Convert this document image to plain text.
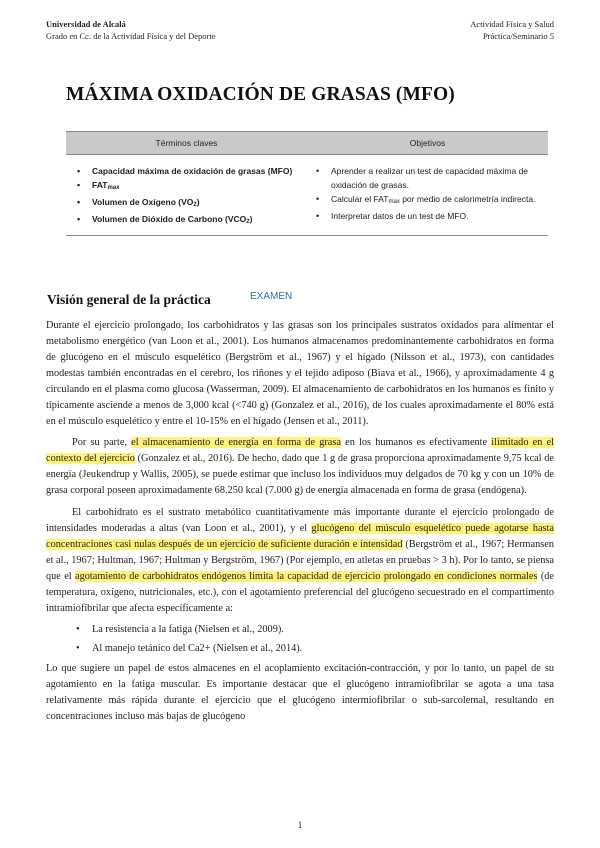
Universidad de Alcalá
Grado en Cc. de la Actividad Física y del Deporte
Actividad Física y Salud
Práctica/Seminario 5
MÁXIMA OXIDACIÓN DE GRASAS (MFO)
Términos claves	Objetivos
• Capacidad máxima de oxidación de grasas (MFO)
• $FAT_{max}$
• Volumen de Oxígeno $(VO_2)$
• Volumen de Dióxido de Carbono $(VCO_2)$
• Aprender a realizar un test de capacidad máxima de oxidación de grasas.
• Calcular el $FAT_{max}$ por medio de calorimetría indirecta.
• Interpretar datos de un test de MFO.
Visión general de la práctica	EXAMEN

Durante el ejercicio prolongado, los carbohidratos y las grasas son los principales sustratos oxidados para alimentar el metabolismo energético (van Loon et al., 2001). Los humanos almacenamos predominantemente carbohidratos en forma de glucógeno en el músculo esquelético (Bergström et al., 1967) y el hígado (Nilsson et al., 1973), con cantidades modestas también encontradas en el cerebro, los riñones y el tejido adiposo (Biava et al., 1966), y aproximadamente 4 g circulando en el plasma como glucosa (Wasserman, 2009). El almacenamiento de carbohidratos en los humanos es finito y típicamente asciende a menos de 3,000 kcal (<740 g) (Gonzalez et al., 2016), de los cuales aproximadamente el 80% está en el músculo esquelético y entre el 10-15% en el hígado (Jensen et al., 2011).

Por su parte, el almacenamiento de energía en forma de grasa en los humanos es efectivamente ilimitado en el contexto del ejercicio (Gonzalez et al., 2016). De hecho, dado que 1 g de grasa proporciona aproximadamente 9,75 kcal de energía (Jeukendrup y Wallis, 2005), se puede estimar que incluso los individuos muy delgados de 70 kg y con un 10% de grasa corporal poseen aproximadamente 68.250 kcal (7.000 g) de energía almacenada en forma de grasa (endógena).

El carbohidrato es el sustrato metabólico cuantitativamente más importante durante el ejercicio prolongado de intensidades moderadas a altas (van Loon et al., 2001), y el glucógeno del músculo esquelético puede agotarse hasta concentraciones casi nulas después de un ejercicio de suficiente duración e intensidad (Bergström et al., 1967; Hermansen et al., 1967; Hultman, 1967; Hultman y Bergström, 1967) (Por ejemplo, en atletas en pruebas > 3 h). Por lo tanto, se piensa que el agotamiento de carbohidratos endógenos limita la capacidad de ejercicio prolongado en condiciones normales (de temperatura, oxígeno, nutricionales, etc.), con el agotamiento preferencial del glucógeno secuestrado en el compartimento intramiofibrilar que afecta específicamente a:

• La resistencia a la fatiga (Nielsen et al., 2009).
• Al manejo tetánico del Ca2+ (Nielsen et al., 2014).

Lo que sugiere un papel de estos almacenes en el acoplamiento excitación-contracción, y por lo tanto, un papel de su agotamiento en la fatiga muscular. Es importante destacar que el glucógeno intramiofibrilar se agota a una tasa relativamente más rápida durante el ejercicio que el glucógeno intermiofibrilar o sub-sarcolemal, resultando en concentraciones incluso más bajas de glucógeno

1
